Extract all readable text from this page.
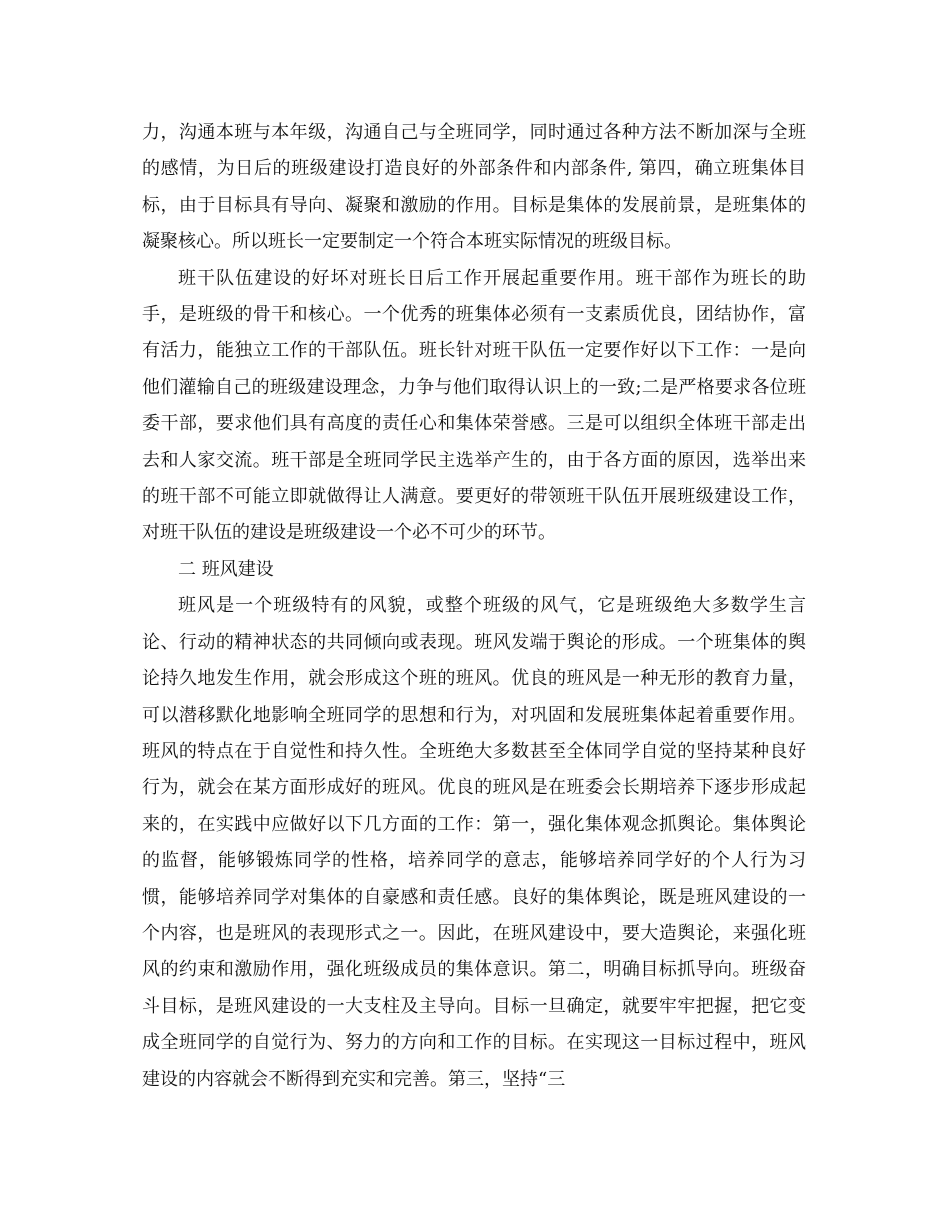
力，沟通本班与本年级，沟通自己与全班同学，同时通过各种方法不断加深与全班的感情，为日后的班级建设打造良好的外部条件和内部条件, 第四，确立班集体目标，由于目标具有导向、凝聚和激励的作用。目标是集体的发展前景，是班集体的凝聚核心。所以班长一定要制定一个符合本班实际情况的班级目标。

班干队伍建设的好坏对班长日后工作开展起重要作用。班干部作为班长的助手，是班级的骨干和核心。一个优秀的班集体必须有一支素质优良，团结协作，富有活力，能独立工作的干部队伍。班长针对班干队伍一定要作好以下工作：一是向他们灌输自己的班级建设理念，力争与他们取得认识上的一致;二是严格要求各位班委干部，要求他们具有高度的责任心和集体荣誉感。三是可以组织全体班干部走出去和人家交流。班干部是全班同学民主选举产生的，由于各方面的原因，选举出来的班干部不可能立即就做得让人满意。要更好的带领班干队伍开展班级建设工作，对班干队伍的建设是班级建设一个必不可少的环节。

二 班风建设

班风是一个班级特有的风貌，或整个班级的风气，它是班级绝大多数学生言论、行动的精神状态的共同倾向或表现。班风发端于舆论的形成。一个班集体的舆论持久地发生作用，就会形成这个班的班风。优良的班风是一种无形的教育力量，可以潜移默化地影响全班同学的思想和行为，对巩固和发展班集体起着重要作用。班风的特点在于自觉性和持久性。全班绝大多数甚至全体同学自觉的坚持某种良好行为，就会在某方面形成好的班风。优良的班风是在班委会长期培养下逐步形成起来的，在实践中应做好以下几方面的工作：第一，强化集体观念抓舆论。集体舆论的监督，能够锻炼同学的性格，培养同学的意志，能够培养同学好的个人行为习惯，能够培养同学对集体的自豪感和责任感。良好的集体舆论，既是班风建设的一个内容，也是班风的表现形式之一。因此，在班风建设中，要大造舆论，来强化班风的约束和激励作用，强化班级成员的集体意识。第二，明确目标抓导向。班级奋斗目标，是班风建设的一大支柱及主导向。目标一旦确定，就要牢牢把握，把它变成全班同学的自觉行为、努力的方向和工作的目标。在实现这一目标过程中，班风建设的内容就会不断得到充实和完善。第三，坚持“三
